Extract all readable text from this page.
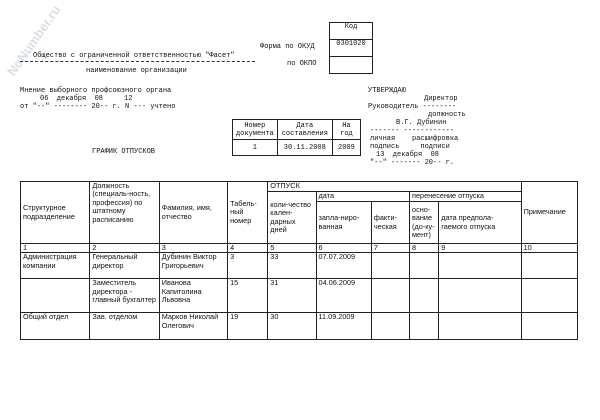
NoNumber.ru	Код
0301020

Форма по ОКУД
по ОКПО
Общество с ограниченной ответственностью "Фасет"
наименование организации
Мнение выборного профсоюзного органа
06  декабря  08     12
от "--" -------- 20-- г. N --- учтено
УТВЕРЖДАЮ
Директор
Руководитель --------
должность
В.Г. Дубинин
------- ------------
личная    расшифровка
подпись     подписи
13  декабря  08
"--" ------- 20-- г.
Номер документа	Дата составления	На год
1	30.11.2008	2009
ГРАФИК ОТПУСКОВ
Структурное подразделение	Должность (специаль-ность, профессия) по штатному расписанию	Фамилия, имя, отчество	Табель-ный номер	ОТПУСК					Примечание
				коли-чество кален-дарных дней	дата		перенесение отпуска		
					запла-ниро-ванная	факти-ческая	осно-вание (до-ку-мент)	дата предпола-гаемого отпуска	
1	2	3	4	5	6	7	8	9	10
Администрация компании	Генеральный директор	Дубинин Виктор Григорьевич	3	33	07.07.2009				
	Заместитель директора - главный бухгалтер	Иванова Капитолина Львовна	15	31	04.06.2009				
Общий отдел	Зав. отделом	Марков Николай Олегович	19	30	11.09.2009				
